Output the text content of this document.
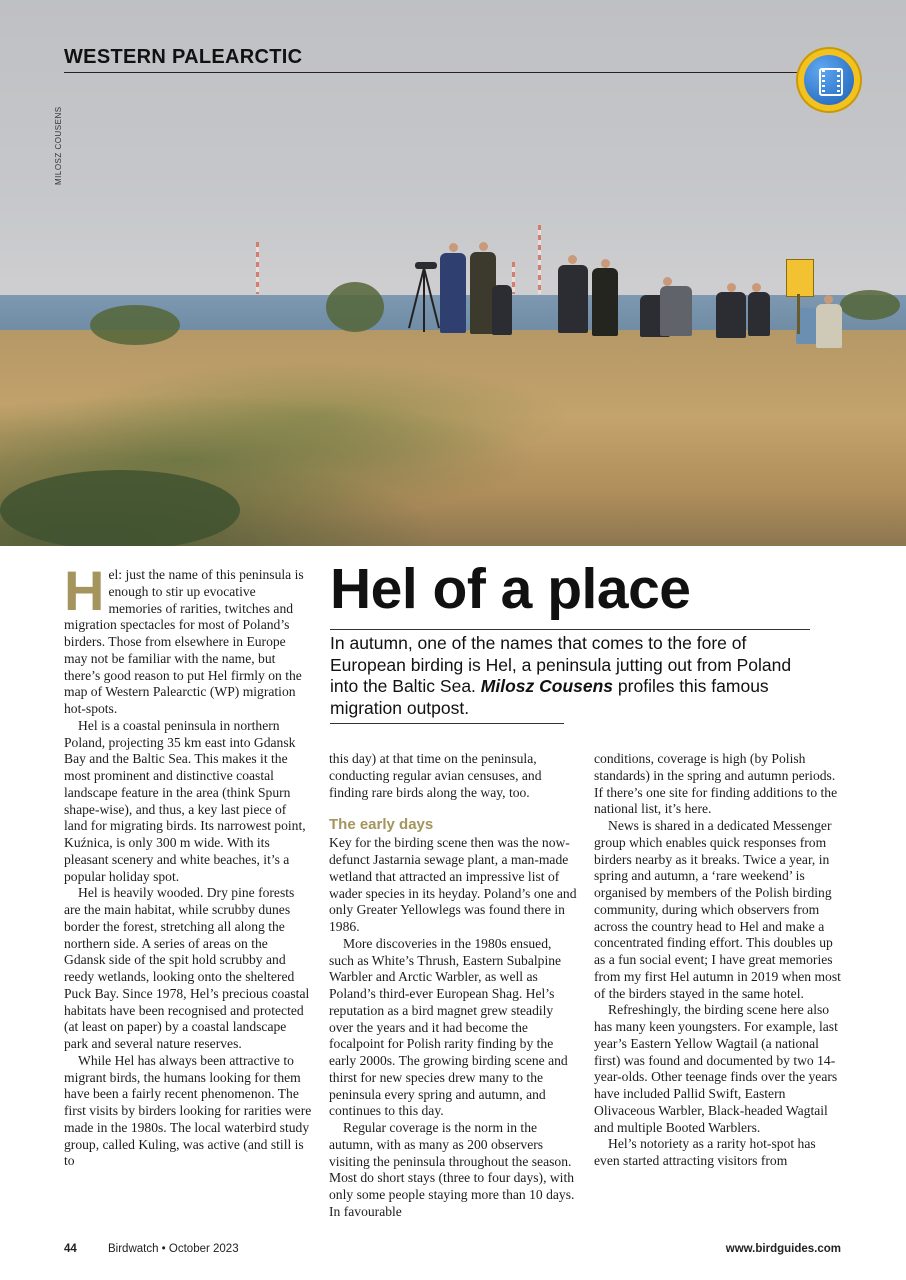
WESTERN PALEARCTIC

MILOSZ COUSENS

Hel of a place

In autumn, one of the names that comes to the fore of European birding is Hel, a peninsula jutting out from Poland into the Baltic Sea. Milosz Cousens profiles this famous migration outpost.

Hel: just the name of this peninsula is enough to stir up evocative memories of rarities, twitches and migration spectacles for most of Poland’s birders. Those from elsewhere in Europe may not be familiar with the name, but there’s good reason to put Hel firmly on the map of Western Palearctic (WP) migration hot-spots.

Hel is a coastal peninsula in northern Poland, projecting 35 km east into Gdansk Bay and the Baltic Sea. This makes it the most prominent and distinctive coastal landscape feature in the area (think Spurn shape-wise), and thus, a key last piece of land for migrating birds. Its narrowest point, Kuźnica, is only 300 m wide. With its pleasant scenery and white beaches, it’s a popular holiday spot.

Hel is heavily wooded. Dry pine forests are the main habitat, while scrubby dunes border the forest, stretching all along the northern side. A series of areas on the Gdansk side of the spit hold scrubby and reedy wetlands, looking onto the sheltered Puck Bay. Since 1978, Hel’s precious coastal habitats have been recognised and protected (at least on paper) by a coastal landscape park and several nature reserves.

While Hel has always been attractive to migrant birds, the humans looking for them have been a fairly recent phenomenon. The first visits by birders looking for rarities were made in the 1980s. The local waterbird study group, called Kuling, was active (and still is to

this day) at that time on the peninsula, conducting regular avian censuses, and finding rare birds along the way, too.

The early days

Key for the birding scene then was the now-defunct Jastarnia sewage plant, a man-made wetland that attracted an impressive list of wader species in its heyday. Poland’s one and only Greater Yellowlegs was found there in 1986.

More discoveries in the 1980s ensued, such as White’s Thrush, Eastern Subalpine Warbler and Arctic Warbler, as well as Poland’s third-ever European Shag. Hel’s reputation as a bird magnet grew steadily over the years and it had become the focalpoint for Polish rarity finding by the early 2000s. The growing birding scene and thirst for new species drew many to the peninsula every spring and autumn, and continues to this day.

Regular coverage is the norm in the autumn, with as many as 200 observers visiting the peninsula throughout the season. Most do short stays (three to four days), with only some people staying more than 10 days. In favourable

conditions, coverage is high (by Polish standards) in the spring and autumn periods. If there’s one site for finding additions to the national list, it’s here.

News is shared in a dedicated Messenger group which enables quick responses from birders nearby as it breaks. Twice a year, in spring and autumn, a ‘rare weekend’ is organised by members of the Polish birding community, during which observers from across the country head to Hel and make a concentrated finding effort. This doubles up as a fun social event; I have great memories from my first Hel autumn in 2019 when most of the birders stayed in the same hotel.

Refreshingly, the birding scene here also has many keen youngsters. For example, last year’s Eastern Yellow Wagtail (a national first) was found and documented by two 14-year-olds. Other teenage finds over the years have included Pallid Swift, Eastern Olivaceous Warbler, Black-headed Wagtail and multiple Booted Warblers.

Hel’s notoriety as a rarity hot-spot has even started attracting visitors from

44	Birdwatch • October 2023	www.birdguides.com
